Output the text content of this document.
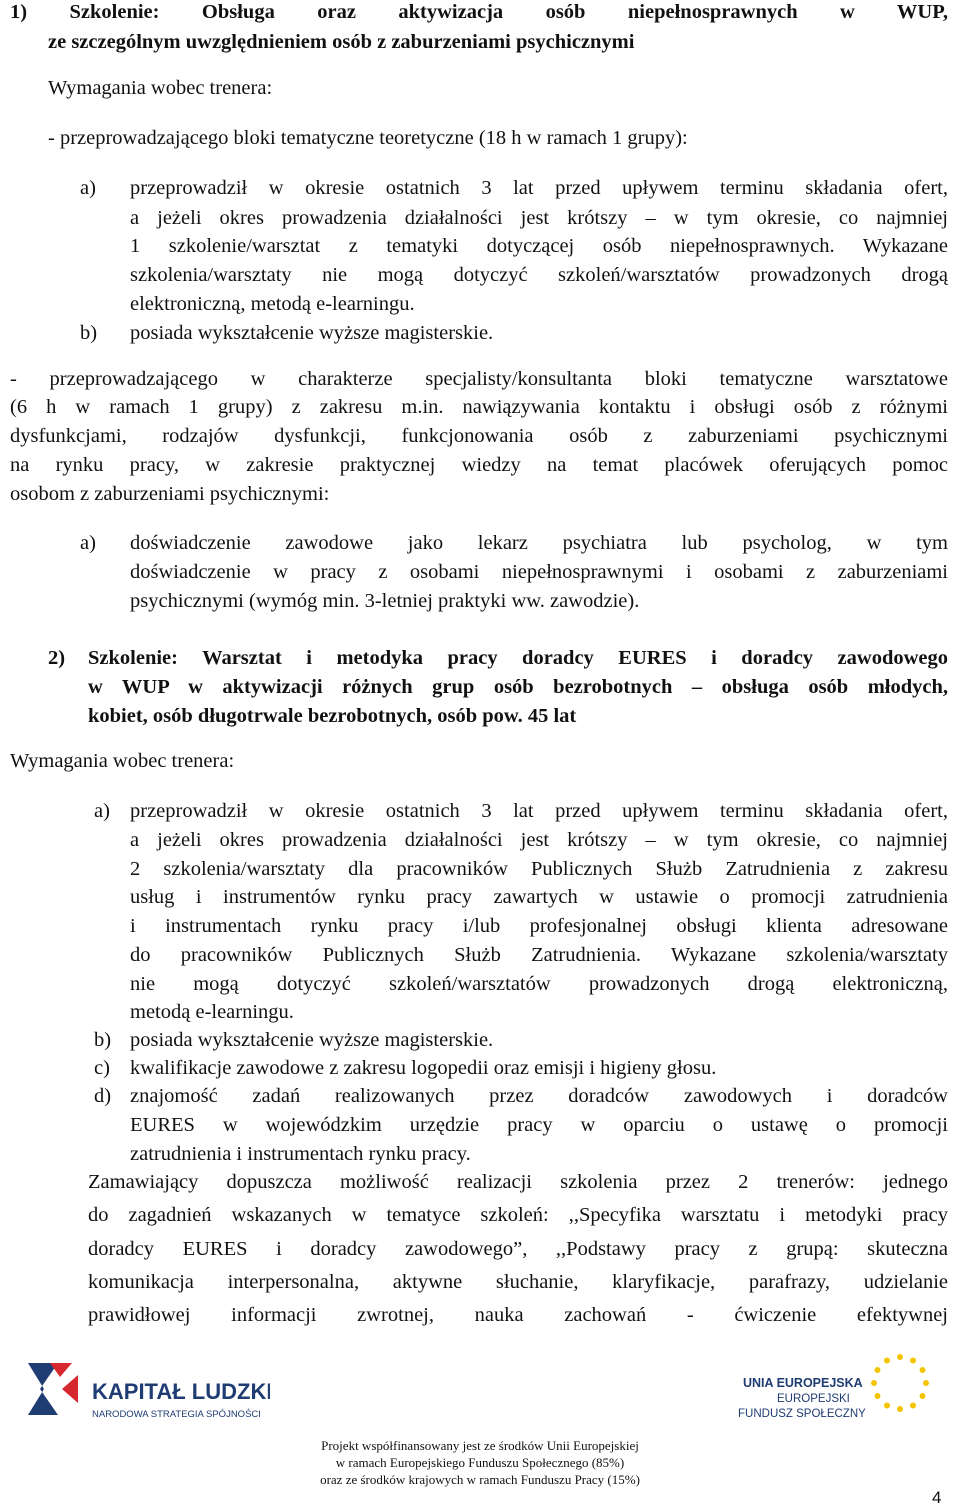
1) Szkolenie: Obsługa oraz aktywizacja osób niepełnosprawnych w WUP,
ze szczególnym uwzględnieniem osób z zaburzeniami psychicznymi
Wymagania wobec trenera:
- przeprowadzającego bloki tematyczne teoretyczne (18 h w ramach 1 grupy):
a) przeprowadził w okresie ostatnich 3 lat przed upływem terminu składania ofert,
a jeżeli okres prowadzenia działalności jest krótszy – w tym okresie, co najmniej
1 szkolenie/warsztat z tematyki dotyczącej osób niepełnosprawnych. Wykazane
szkolenia/warsztaty nie mogą dotyczyć szkoleń/warsztatów prowadzonych drogą
elektroniczną, metodą e-learningu.
b) posiada wykształcenie wyższe magisterskie.
- przeprowadzającego w charakterze specjalisty/konsultanta bloki tematyczne warsztatowe
(6 h w ramach 1 grupy) z zakresu m.in. nawiązywania kontaktu i obsługi osób z różnymi
dysfunkcjami, rodzajów dysfunkcji, funkcjonowania osób z zaburzeniami psychicznymi
na rynku pracy, w zakresie praktycznej wiedzy na temat placówek oferujących pomoc
osobom z zaburzeniami psychicznymi:
a) doświadczenie zawodowe jako lekarz psychiatra lub psycholog, w tym
doświadczenie w pracy z osobami niepełnosprawnymi i osobami z zaburzeniami
psychicznymi (wymóg min. 3-letniej praktyki ww. zawodzie).
2) Szkolenie: Warsztat i metodyka pracy doradcy EURES i doradcy zawodowego
w WUP w aktywizacji różnych grup osób bezrobotnych – obsługa osób młodych,
kobiet, osób długotrwale bezrobotnych, osób pow. 45 lat
Wymagania wobec trenera:
a) przeprowadził w okresie ostatnich 3 lat przed upływem terminu składania ofert,
a jeżeli okres prowadzenia działalności jest krótszy – w tym okresie, co najmniej
2 szkolenia/warsztaty dla pracowników Publicznych Służb Zatrudnienia z zakresu
usług i instrumentów rynku pracy zawartych w ustawie o promocji zatrudnienia
i instrumentach rynku pracy i/lub profesjonalnej obsługi klienta adresowane
do pracowników Publicznych Służb Zatrudnienia. Wykazane szkolenia/warsztaty
nie mogą dotyczyć szkoleń/warsztatów prowadzonych drogą elektroniczną,
metodą e-learningu.
b) posiada wykształcenie wyższe magisterskie.
c) kwalifikacje zawodowe z zakresu logopedii oraz emisji i higieny głosu.
d) znajomość zadań realizowanych przez doradców zawodowych i doradców
EURES w wojewódzkim urzędzie pracy w oparciu o ustawę o promocji
zatrudnienia i instrumentach rynku pracy.
Zamawiający dopuszcza możliwość realizacji szkolenia przez 2 trenerów: jednego
do zagadnień wskazanych w tematyce szkoleń: ,,Specyfika warsztatu i metodyki pracy
doradcy EURES i doradcy zawodowego”, ,,Podstawy pracy z grupą: skuteczna
komunikacja interpersonalna, aktywne słuchanie, klaryfikacje, parafrazy, udzielanie
prawidłowej informacji zwrotnej, nauka zachowań - ćwiczenie efektywnej
KAPITAŁ LUDZKI
NARODOWA STRATEGIA SPÓJNOŚCI
UNIA EUROPEJSKA
EUROPEJSKI
FUNDUSZ SPOŁECZNY
Projekt współfinansowany jest ze środków Unii Europejskiej
w ramach Europejskiego Funduszu Społecznego (85%)
oraz ze środków krajowych w ramach Funduszu Pracy (15%)
4
